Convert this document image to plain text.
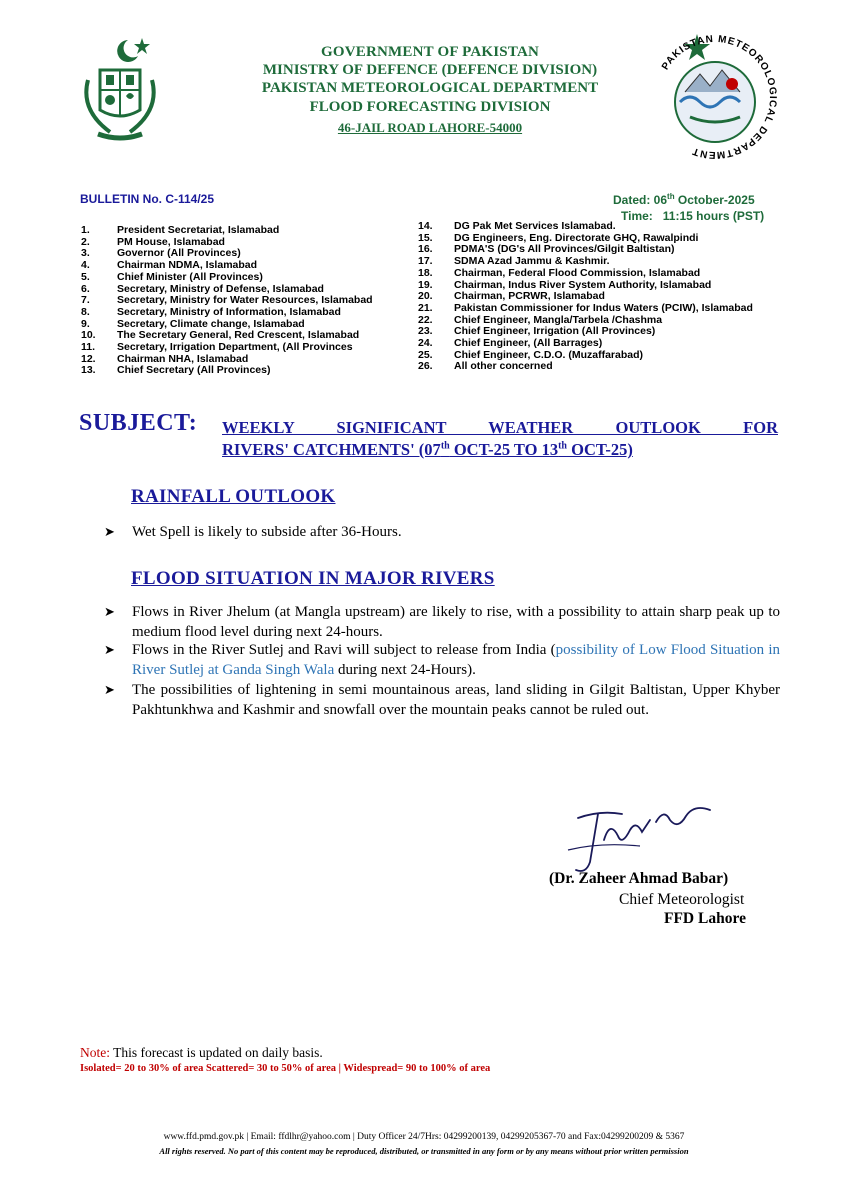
GOVERNMENT OF PAKISTAN
MINISTRY OF DEFENCE (DEFENCE DIVISION)
PAKISTAN METEOROLOGICAL DEPARTMENT
FLOOD FORECASTING DIVISION
46-JAIL ROAD LAHORE-54000
PAKISTAN METEOROLOGICAL DEPARTMENT
BULLETIN No. C-114/25	Dated: 06th October-2025
Time:   11:15 hours (PST)
1.	President Secretariat, Islamabad
2.	PM House, Islamabad
3.	Governor (All Provinces)
4.	Chairman NDMA, Islamabad
5.	Chief Minister (All Provinces)
6.	Secretary, Ministry of Defense, Islamabad
7.	Secretary, Ministry for Water Resources, Islamabad
8.	Secretary, Ministry of Information, Islamabad
9.	Secretary, Climate change, Islamabad
10.	The Secretary General, Red Crescent, Islamabad
11.	Secretary, Irrigation Department, (All Provinces
12.	Chairman NHA, Islamabad
13.	Chief Secretary (All Provinces)
14.	DG Pak Met Services Islamabad.
15.	DG Engineers, Eng. Directorate GHQ, Rawalpindi
16.	PDMA'S (DG's All Provinces/Gilgit Baltistan)
17.	SDMA Azad Jammu & Kashmir.
18.	Chairman, Federal Flood Commission, Islamabad
19.	Chairman, Indus River System Authority, Islamabad
20.	Chairman, PCRWR, Islamabad
21.	Pakistan Commissioner for Indus Waters (PCIW), Islamabad
22.	Chief Engineer, Mangla/Tarbela /Chashma
23.	Chief Engineer, Irrigation (All Provinces)
24.	Chief Engineer, (All Barrages)
25.	Chief Engineer, C.D.O. (Muzaffarabad)
26.	All other concerned
SUBJECT: WEEKLY SIGNIFICANT WEATHER OUTLOOK FOR
RIVERS' CATCHMENTS' (07th OCT-25 TO 13th OCT-25)
RAINFALL OUTLOOK
➤	Wet Spell is likely to subside after 36-Hours.
FLOOD SITUATION IN MAJOR RIVERS
➤	Flows in River Jhelum (at Mangla upstream) are likely to rise, with a possibility to attain sharp peak up to medium flood level during next 24-hours.
➤	Flows in the River Sutlej and Ravi will subject to release from India (possibility of Low Flood Situation in River Sutlej at Ganda Singh Wala during next 24-Hours).
➤	The possibilities of lightening in semi mountainous areas, land sliding in Gilgit Baltistan, Upper Khyber Pakhtunkhwa and Kashmir and snowfall over the mountain peaks cannot be ruled out.
(Dr. Zaheer Ahmad Babar)
Chief Meteorologist
FFD Lahore
Note: This forecast is updated on daily basis.
Isolated= 20 to 30% of area Scattered= 30 to 50% of area | Widespread= 90 to 100% of area
www.ffd.pmd.gov.pk | Email: ffdlhr@yahoo.com | Duty Officer 24/7Hrs: 04299200139, 04299205367-70 and Fax:04299200209 & 5367
All rights reserved. No part of this content may be reproduced, distributed, or transmitted in any form or by any means without prior written permission
